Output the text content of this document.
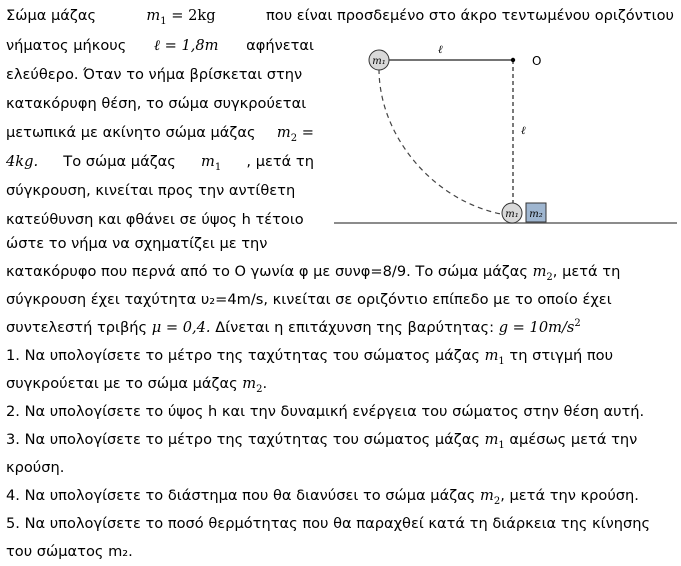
Σώμα μάζας	$m_1 = 2kg$	που είναι προσδεμένο στο άκρο τεντωμένου οριζόντιου
νήματος μήκους ℓ = 1,8m αφήνεται
ελεύθερο. Όταν το νήμα βρίσκεται στην
κατακόρυφη θέση, το σώμα συγκρούεται
μετωπικά με ακίνητο σώμα μάζας $m_2$ =
4kg. Το σώμα μάζας $m_1$ , μετά τη
σύγκρουση, κινείται προς την αντίθετη
κατεύθυνση και φθάνει σε ύψος h τέτοιο
ώστε το νήμα να σχηματίζει με την
κατακόρυφο που περνά από το O γωνία φ με συνφ=8/9. Το σώμα μάζας $m_2$, μετά τη
σύγκρουση έχει ταχύτητα υ₂=4m/s, κινείται σε οριζόντιο επίπεδο με το οποίο έχει
συντελεστή τριβής μ = 0,4. Δίνεται η επιτάχυνση της βαρύτητας: $g = 10m/s^2$
1. Να υπολογίσετε το μέτρο της ταχύτητας του σώματος μάζας $m_1$ τη στιγμή που
συγκρούεται με το σώμα μάζας $m_2$.
2. Να υπολογίσετε το ύψος h και την δυναμική ενέργεια του σώματος στην θέση αυτή.
3. Να υπολογίσετε το μέτρο της ταχύτητας του σώματος μάζας $m_1$ αμέσως μετά την
κρούση.
4. Να υπολογίσετε το διάστημα που θα διανύσει το σώμα μάζας $m_2$, μετά την κρούση.
5. Να υπολογίσετε το ποσό θερμότητας που θα παραχθεί κατά τη διάρκεια της κίνησης
του σώματος m₂.
m₁
m₁ m₂
O
ℓ
ℓ
